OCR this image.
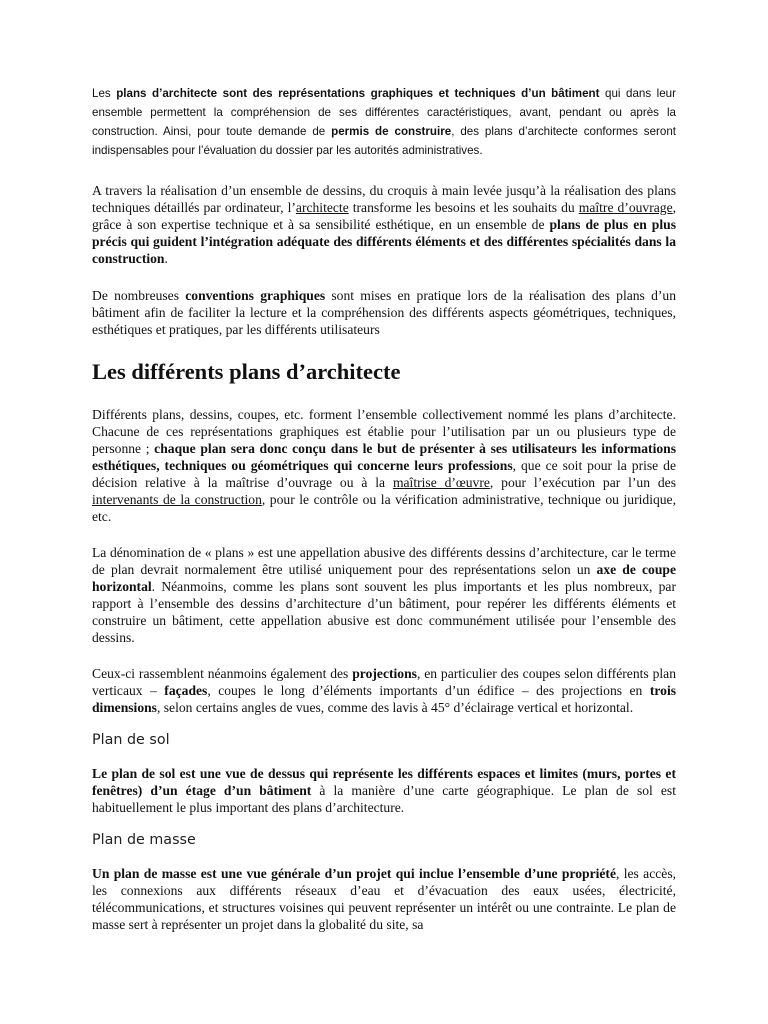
Les plans d’architecte sont des représentations graphiques et techniques d’un bâtiment qui dans leur ensemble permettent la compréhension de ses différentes caractéristiques, avant, pendant ou après la construction. Ainsi, pour toute demande de permis de construire, des plans d’architecte conformes seront indispensables pour l’évaluation du dossier par les autorités administratives.

A travers la réalisation d’un ensemble de dessins, du croquis à main levée jusqu’à la réalisation des plans techniques détaillés par ordinateur, l’architecte transforme les besoins et les souhaits du maître d’ouvrage, grâce à son expertise technique et à sa sensibilité esthétique, en un ensemble de plans de plus en plus précis qui guident l’intégration adéquate des différents éléments et des différentes spécialités dans la construction.

De nombreuses conventions graphiques sont mises en pratique lors de la réalisation des plans d’un bâtiment afin de faciliter la lecture et la compréhension des différents aspects géométriques, techniques, esthétiques et pratiques, par les différents utilisateurs

Les différents plans d’architecte

Différents plans, dessins, coupes, etc. forment l’ensemble collectivement nommé les plans d’architecte. Chacune de ces représentations graphiques est établie pour l’utilisation par un ou plusieurs type de personne ; chaque plan sera donc conçu dans le but de présenter à ses utilisateurs les informations esthétiques, techniques ou géométriques qui concerne leurs professions, que ce soit pour la prise de décision relative à la maîtrise d’ouvrage ou à la maîtrise d’œuvre, pour l’exécution par l’un des intervenants de la construction, pour le contrôle ou la vérification administrative, technique ou juridique, etc.

La dénomination de « plans » est une appellation abusive des différents dessins d’architecture, car le terme de plan devrait normalement être utilisé uniquement pour des représentations selon un axe de coupe horizontal. Néanmoins, comme les plans sont souvent les plus importants et les plus nombreux, par rapport à l’ensemble des dessins d’architecture d’un bâtiment, pour repérer les différents éléments et construire un bâtiment, cette appellation abusive est donc communément utilisée pour l’ensemble des dessins.

Ceux-ci rassemblent néanmoins également des projections, en particulier des coupes selon différents plan verticaux – façades, coupes le long d’éléments importants d’un édifice – des projections en trois dimensions, selon certains angles de vues, comme des lavis à 45° d’éclairage vertical et horizontal.

Plan de sol

Le plan de sol est une vue de dessus qui représente les différents espaces et limites (murs, portes et fenêtres) d’un étage d’un bâtiment à la manière d’une carte géographique. Le plan de sol est habituellement le plus important des plans d’architecture.

Plan de masse

Un plan de masse est une vue générale d’un projet qui inclue l’ensemble d’une propriété, les accès, les connexions aux différents réseaux d’eau et d’évacuation des eaux usées, électricité, télécommunications, et structures voisines qui peuvent représenter un intérêt ou une contrainte. Le plan de masse sert à représenter un projet dans la globalité du site, sa
